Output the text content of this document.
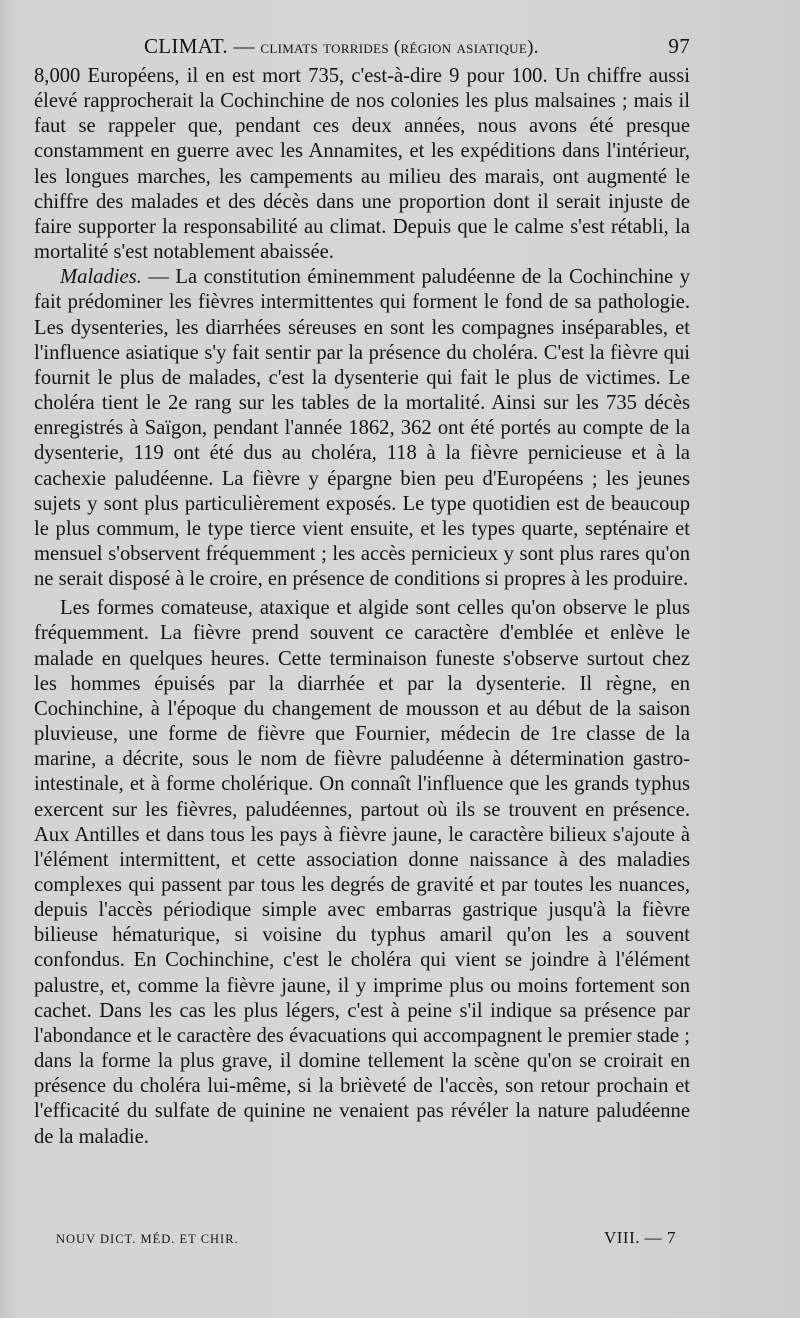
CLIMAT. — climats torrides (région asiatique).	97

8,000 Européens, il en est mort 735, c'est-à-dire 9 pour 100. Un chiffre aussi élevé rapprocherait la Cochinchine de nos colonies les plus malsaines ; mais il faut se rappeler que, pendant ces deux années, nous avons été presque constamment en guerre avec les Annamites, et les expéditions dans l'intérieur, les longues marches, les campements au milieu des marais, ont augmenté le chiffre des malades et des décès dans une proportion dont il serait injuste de faire supporter la responsabilité au climat. Depuis que le calme s'est rétabli, la mortalité s'est notablement abaissée.

Maladies. — La constitution éminemment paludéenne de la Cochinchine y fait prédominer les fièvres intermittentes qui forment le fond de sa pathologie. Les dysenteries, les diarrhées séreuses en sont les compagnes inséparables, et l'influence asiatique s'y fait sentir par la présence du choléra. C'est la fièvre qui fournit le plus de malades, c'est la dysenterie qui fait le plus de victimes. Le choléra tient le 2e rang sur les tables de la mortalité. Ainsi sur les 735 décès enregistrés à Saïgon, pendant l'année 1862, 362 ont été portés au compte de la dysenterie, 119 ont été dus au choléra, 118 à la fièvre pernicieuse et à la cachexie paludéenne. La fièvre y épargne bien peu d'Européens ; les jeunes sujets y sont plus particulièrement exposés. Le type quotidien est de beaucoup le plus commum, le type tierce vient ensuite, et les types quarte, septénaire et mensuel s'observent fréquemment ; les accès pernicieux y sont plus rares qu'on ne serait disposé à le croire, en présence de conditions si propres à les produire.

Les formes comateuse, ataxique et algide sont celles qu'on observe le plus fréquemment. La fièvre prend souvent ce caractère d'emblée et enlève le malade en quelques heures. Cette terminaison funeste s'observe surtout chez les hommes épuisés par la diarrhée et par la dysenterie. Il règne, en Cochinchine, à l'époque du changement de mousson et au début de la saison pluvieuse, une forme de fièvre que Fournier, médecin de 1re classe de la marine, a décrite, sous le nom de fièvre paludéenne à détermination gastro-intestinale, et à forme cholérique. On connaît l'influence que les grands typhus exercent sur les fièvres, paludéennes, partout où ils se trouvent en présence. Aux Antilles et dans tous les pays à fièvre jaune, le caractère bilieux s'ajoute à l'élément intermittent, et cette association donne naissance à des maladies complexes qui passent par tous les degrés de gravité et par toutes les nuances, depuis l'accès périodique simple avec embarras gastrique jusqu'à la fièvre bilieuse hématurique, si voisine du typhus amaril qu'on les a souvent confondus. En Cochinchine, c'est le choléra qui vient se joindre à l'élément palustre, et, comme la fièvre jaune, il y imprime plus ou moins fortement son cachet. Dans les cas les plus légers, c'est à peine s'il indique sa présence par l'abondance et le caractère des évacuations qui accompagnent le premier stade ; dans la forme la plus grave, il domine tellement la scène qu'on se croirait en présence du choléra lui-même, si la brièveté de l'accès, son retour prochain et l'efficacité du sulfate de quinine ne venaient pas révéler la nature paludéenne de la maladie.

NOUV DICT. MÉD. ET CHIR.	VIII. — 7
